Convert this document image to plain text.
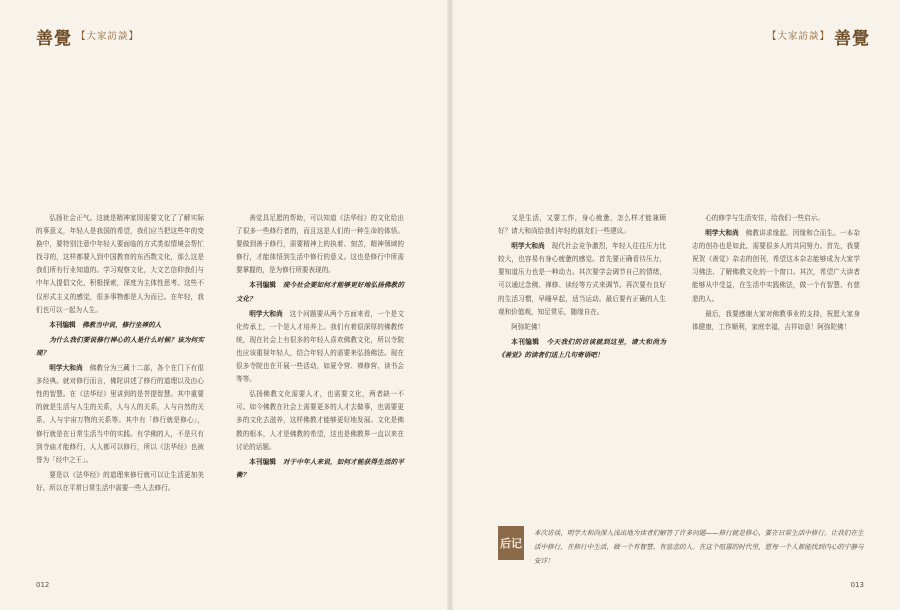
善覺 【大家訪談】

弘扬社会正气。这就是精神家园需要文化了了解实际的事意义，年轻人是我国的希望，我们应当把这些年的变换中，要特别注意中年轻人要面临的方式类似情境会帮忙找寻的，这样都要入到中国教育的东西数文化，那么这是我们所有行业知道的。学习观察文化，大文艺信仰我们与中年人提倡文化，积极探索，深度为主体性思考。这些不仅形式主义的感觉，很多事物都是人为而已。在年轻，我们也可以一起为人生。

本刊编辑　 佛教当中说，修行坐禅的人

为什么我们要说修行禅心的人是什么时候？该为何实现？

明学大和尚　 佛教分为三藏十二部，各个在门下有很多经典。就对修行而言，佛陀讲述了修行的道理以及由心性的智慧。在《法华经》里讲到的是菩提智慧。其中重要的就是生活与人生的关系，人与人的关系，人与自然的关系，人与宇宙万物的关系等。其中有「修行就是修心」，修行就是在日常生活当中的实践。有学佛的人，不是只有到寺庙才能修行，人人都可以修行，所以《法华经》也被誉为「经中之王」。

要是以《法华经》的道理来修行就可以让生活更加美好。所以在平常日常生活中需要一些人去修行。

善觉具足愿的帮助，可以知道《法华经》的文化给出了很多一些修行者的，而且这是人们的一种生命的体悟。要做到善于修行，需要精神上的执着、刻苦，精神领域的修行，才能体悟到生活中修行的意义。这也是修行中所需要掌握的，是为修行所要表现的。

本刊编辑　 现今社会要如何才能够更好地弘扬佛教的文化？

明学大和尚　 这个问题要从两个方面来看，一个是文化传承上，一个是人才培养上。我们有着很深厚的佛教传统，现在社会上有很多的年轻人喜欢佛教文化，所以寺院也应该重视年轻人，结合年轻人的需要来弘扬佛法。现在很多寺院也在开展一些活动，如夏令营、禅修营、读书会等等。

弘扬佛教文化需要人才，也需要文化，两者缺一不可。如今佛教在社会上需要更多的人才去做事，也需要更多的文化去滋养，这样佛教才能够更好地发展。文化是佛教的根本，人才是佛教的希望，这也是佛教界一直以来在讨论的话题。

本刊编辑　 对于中年人来说，如何才能获得生活的平衡？

012
善覺
【大家訪談】

又是生活，又要工作，身心疲惫，怎么样才能兼顾好？请大和尚给我们年轻的朋友们一些建议。

明学大和尚　 现代社会竞争激烈，年轻人往往压力比较大，也容易有身心疲惫的感觉。首先要正确看待压力，要知道压力也是一种动力。其次要学会调节自己的情绪，可以通过念佛、禅修、读经等方式来调节。再次要有良好的生活习惯，早睡早起，适当运动。最后要有正确的人生观和价值观，知足常乐，随缘自在。

阿弥陀佛！

本刊编辑　 今天我们的访谈就到这里，请大和尚为《善觉》的读者们送上几句寄语吧！

心的修学与生活安住，给我们一些启示。

明学大和尚　 佛教讲求缘起，因缘和合而生。一本杂志的创办也是如此，需要很多人的共同努力。首先，我要祝贺《善觉》杂志的创刊，希望这本杂志能够成为大家学习佛法、了解佛教文化的一个窗口。其次，希望广大读者能够从中受益，在生活中实践佛法，做一个有智慧、有慈悲的人。

最后，我要感谢大家对佛教事业的支持，祝愿大家身体健康，工作顺利，家庭幸福，吉祥如意！阿弥陀佛！

后记
本次访谈，明学大和尚深入浅出地为读者们解答了许多问题——修行就是修心，要在日常生活中修行。让我们在生活中修行，在修行中生活，做一个有智慧、有慈悲的人。在这个喧嚣的时代里，愿每一个人都能找到内心的宁静与安详！
013
